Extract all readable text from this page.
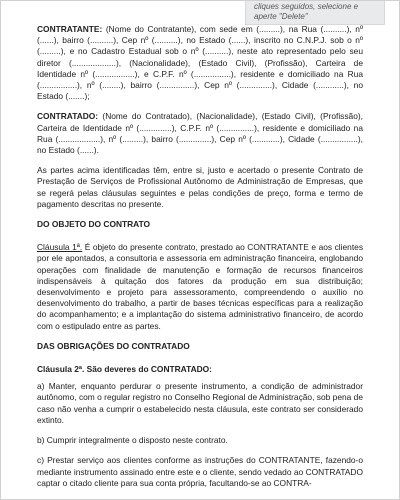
cliques seguidos, selecione e
aperte "Delete"

CONTRATANTE: (Nome do Contratante), com sede em (.........), na Rua (..........), nº (......), bairro (..........), Cep nº (..........), no Estado (......), inscrito no C.N.P.J. sob o nº (.........), e no Cadastro Estadual sob o nº (..........), neste ato representado pelo seu diretor (...................), (Nacionalidade), (Estado Civil), (Profissão), Carteira de Identidade nº (.................), e C.P.F. nº (................), residente e domiciliado na Rua (................), nº (........), bairro (...............), Cep nº (..............), Cidade (............), no Estado (.......);

CONTRATADO: (Nome do Contratado), (Nacionalidade), (Estado Civil), (Profissão), Carteira de Identidade nº (..............), C.P.F. nº (...............), residente e domiciliado na Rua (..................), nº (.........), bairro (..............), Cep nº (............), Cidade (................), no Estado (......).

As partes acima identificadas têm, entre si, justo e acertado o presente Contrato de Prestação de Serviços de Profissional Autônomo de Administração de Empresas, que se regerá pelas cláusulas seguintes e pelas condições de preço, forma e termo de pagamento descritas no presente.

DO OBJETO DO CONTRATO

Cláusula 1ª. É objeto do presente contrato, prestado ao CONTRATANTE e aos clientes por ele apontados, a consultoria e assessoria em administração financeira, englobando operações com finalidade de manutenção e formação de recursos financeiros indispensáveis à quitação dos fatores da produção em sua distribuição; desenvolvimento e projeto para assessoramento, compreendendo o auxílio no desenvolvimento do trabalho, a partir de bases técnicas específicas para a realização do acompanhamento; e a implantação do sistema administrativo financeiro, de acordo com o estipulado entre as partes.

DAS OBRIGAÇÕES DO CONTRATADO

Cláusula 2ª. São deveres do CONTRATADO:

a) Manter, enquanto perdurar o presente instrumento, a condição de administrador autônomo, com o regular registro no Conselho Regional de Administração, sob pena de caso não venha a cumprir o estabelecido nesta cláusula, este contrato ser considerado extinto.

b) Cumprir integralmente o disposto neste contrato.

c) Prestar serviço aos clientes conforme as instruções do CONTRATANTE, fazendo-o mediante instrumento assinado entre este e o cliente, sendo vedado ao CONTRATADO captar o citado cliente para sua conta própria, facultando-se ao CONTRA-
